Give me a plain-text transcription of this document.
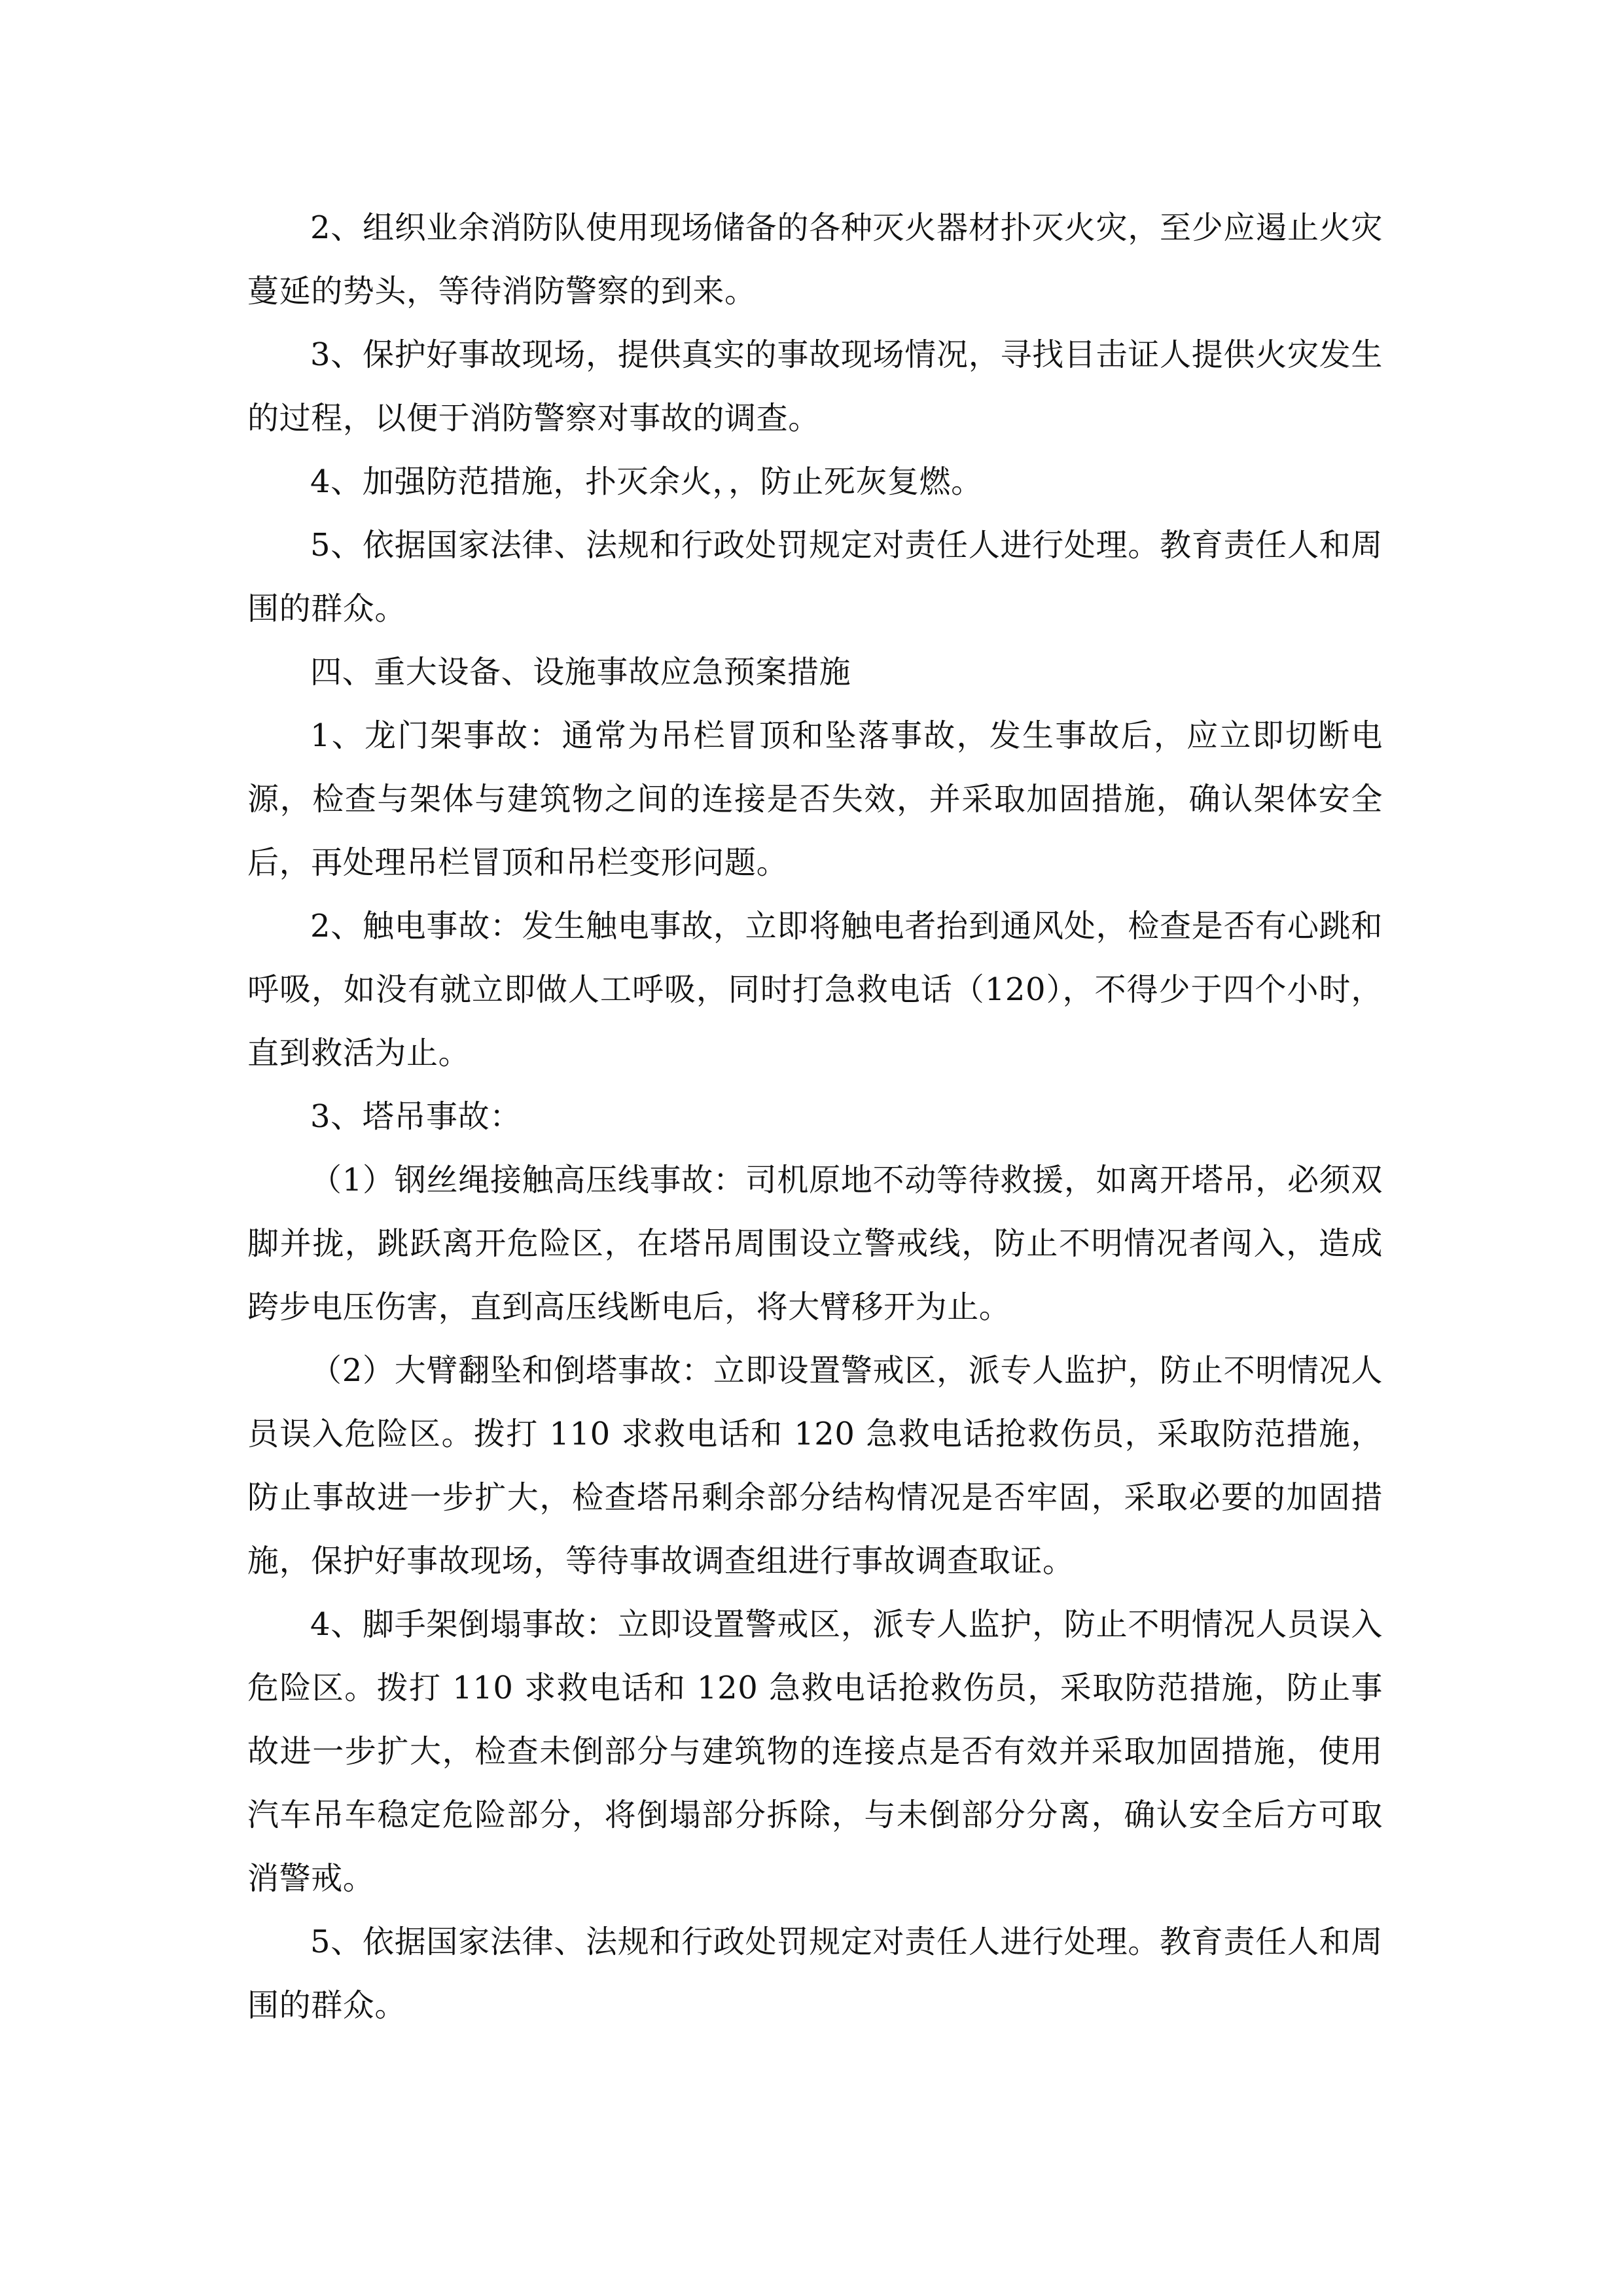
2、组织业余消防队使用现场储备的各种灭火器材扑灭火灾，至少应遏止火灾蔓延的势头，等待消防警察的到来。

3、保护好事故现场，提供真实的事故现场情况，寻找目击证人提供火灾发生的过程，以便于消防警察对事故的调查。

4、加强防范措施，扑灭余火，，防止死灰复燃。

5、依据国家法律、法规和行政处罚规定对责任人进行处理。教育责任人和周围的群众。

四、重大设备、设施事故应急预案措施

1、龙门架事故：通常为吊栏冒顶和坠落事故，发生事故后，应立即切断电源，检查与架体与建筑物之间的连接是否失效，并采取加固措施，确认架体安全后，再处理吊栏冒顶和吊栏变形问题。

2、触电事故：发生触电事故，立即将触电者抬到通风处，检查是否有心跳和呼吸，如没有就立即做人工呼吸，同时打急救电话（120），不得少于四个小时，直到救活为止。

3、塔吊事故：

（1）钢丝绳接触高压线事故：司机原地不动等待救援，如离开塔吊，必须双脚并拢，跳跃离开危险区，在塔吊周围设立警戒线，防止不明情况者闯入，造成跨步电压伤害，直到高压线断电后，将大臂移开为止。

（2）大臂翻坠和倒塔事故：立即设置警戒区，派专人监护，防止不明情况人员误入危险区。拨打 110 求救电话和 120 急救电话抢救伤员，采取防范措施，防止事故进一步扩大，检查塔吊剩余部分结构情况是否牢固，采取必要的加固措施，保护好事故现场，等待事故调查组进行事故调查取证。

4、脚手架倒塌事故：立即设置警戒区，派专人监护，防止不明情况人员误入危险区。拨打 110 求救电话和 120 急救电话抢救伤员，采取防范措施，防止事故进一步扩大，检查未倒部分与建筑物的连接点是否有效并采取加固措施，使用汽车吊车稳定危险部分，将倒塌部分拆除，与未倒部分分离，确认安全后方可取消警戒。

5、依据国家法律、法规和行政处罚规定对责任人进行处理。教育责任人和周围的群众。
